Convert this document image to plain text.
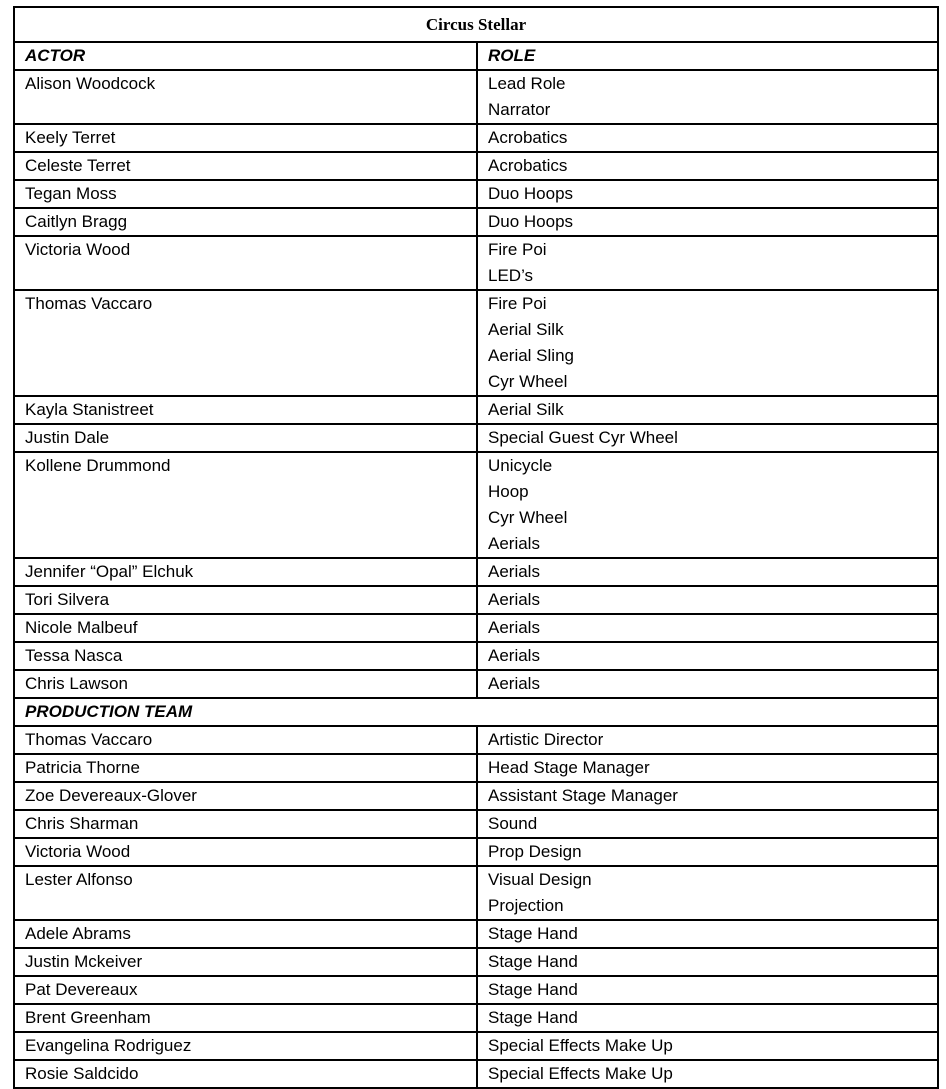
Circus Stellar	
ACTOR	ROLE
Alison Woodcock	Lead Role
Narrator

Keely Terret	Acrobatics

Celeste Terret	Acrobatics

Tegan Moss	Duo Hoops

Caitlyn Bragg	Duo Hoops

Victoria Wood	Fire Poi
LED’s

Thomas Vaccaro	Fire Poi
Aerial Silk
Aerial Sling
Cyr Wheel

Kayla Stanistreet	Aerial Silk

Justin Dale	Special Guest Cyr Wheel

Kollene Drummond	Unicycle
Hoop
Cyr Wheel
Aerials

Jennifer “Opal” Elchuk	Aerials

Tori Silvera	Aerials

Nicole Malbeuf	Aerials

Tessa Nasca	Aerials

Chris Lawson	Aerials

PRODUCTION TEAM	
Thomas Vaccaro	Artistic Director

Patricia Thorne	Head Stage Manager

Zoe Devereaux-Glover	Assistant Stage Manager

Chris Sharman	Sound

Victoria Wood	Prop Design

Lester Alfonso	Visual Design
Projection

Adele Abrams	Stage Hand

Justin Mckeiver	Stage Hand

Pat Devereaux	Stage Hand

Brent Greenham	Stage Hand

Evangelina Rodriguez	Special Effects Make Up

Rosie Saldcido	Special Effects Make Up
